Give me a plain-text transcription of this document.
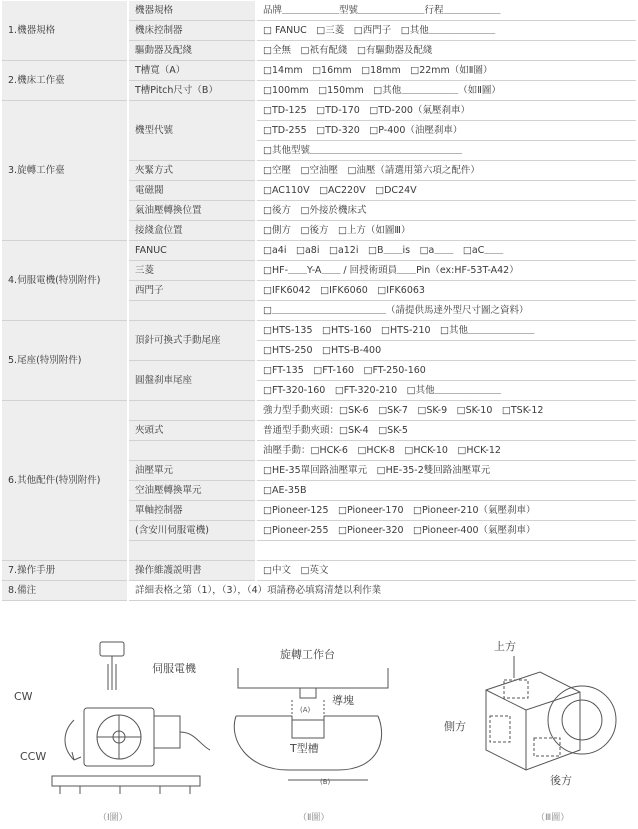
1.機器規格	機器規格	品牌＿＿＿＿＿＿型號＿＿＿＿＿＿＿行程＿＿＿＿＿＿
	機床控制器	□ FANUC　□三菱　□西門子　□其他＿＿＿＿＿＿＿
	驅動器及配綫	□全無　□祇有配綫　□有驅動器及配綫
2.機床工作臺	T槽寬（A）	□14mm　□16mm　□18mm　□22mm（如Ⅱ圖）
	T槽Pitch尺寸（B）	□100mm　□150mm　□其他＿＿＿＿＿＿（如Ⅱ圖）
3.旋轉工作臺	機型代號	□TD-125　□TD-170　□TD-200（氣壓刹車）
		□TD-255　□TD-320　□P-400（油壓刹車）
		□其他型號＿＿＿＿＿＿＿＿＿＿＿＿＿＿＿＿
	夾緊方式	□空壓　□空油壓　□油壓（請選用第六項之配件）
	電磁閥	□AC110V　□AC220V　□DC24V
	氣油壓轉換位置	□後方　□外接於機床式
	接綫盒位置	□側方　□後方　□上方（如圖Ⅲ）
4.伺服電機(特別附件)	FANUC	□a4i　□a8i　□a12i　□B＿＿is　□a＿＿　□aC＿＿
	三菱	□HF-＿＿Y-A＿＿ / 回授術頭員＿＿Pin（ex:HF-53T-A42）
	西門子	□IFK6042　□IFK6060　□IFK6063
		□＿＿＿＿＿＿＿＿＿＿＿＿（請提供馬達外型尺寸圖之資料）
5.尾座(特別附件)	頂針可換式手動尾座	□HTS-135　□HTS-160　□HTS-210　□其他＿＿＿＿＿＿＿
		□HTS-250　□HTS-B-400
	圓盤刹車尾座	□FT-135　□FT-160　□FT-250-160
		□FT-320-160　□FT-320-210　□其他＿＿＿＿＿＿＿
6.其他配件(特別附件)		強力型手動夾頭：□SK-6　□SK-7　□SK-9　□SK-10　□TSK-12
	夾頭式	普通型手動夾頭：□SK-4　□SK-5
		油壓手動：□HCK-6　□HCK-8　□HCK-10　□HCK-12
	油壓單元	□HE-35單回路油壓單元　□HE-35-2雙回路油壓單元
	空油壓轉換單元	□AE-35B
	單軸控制器	□Pioneer-125　□Pioneer-170　□Pioneer-210（氣壓刹車）
	(含安川伺服電機)	□Pioneer-255　□Pioneer-320　□Pioneer-400（氣壓刹車）

7.操作手册	操作維護説明書	□中文　□英文
8.備注	詳細表格之第（1），（3），（4）項請務必填寫清楚以利作業	
伺服電機
CW
CCW
（Ⅰ圖）
旋轉工作台
導塊
(A)
T型槽
(B)
（Ⅱ圖）
上方
側方
後方
（Ⅲ圖）
